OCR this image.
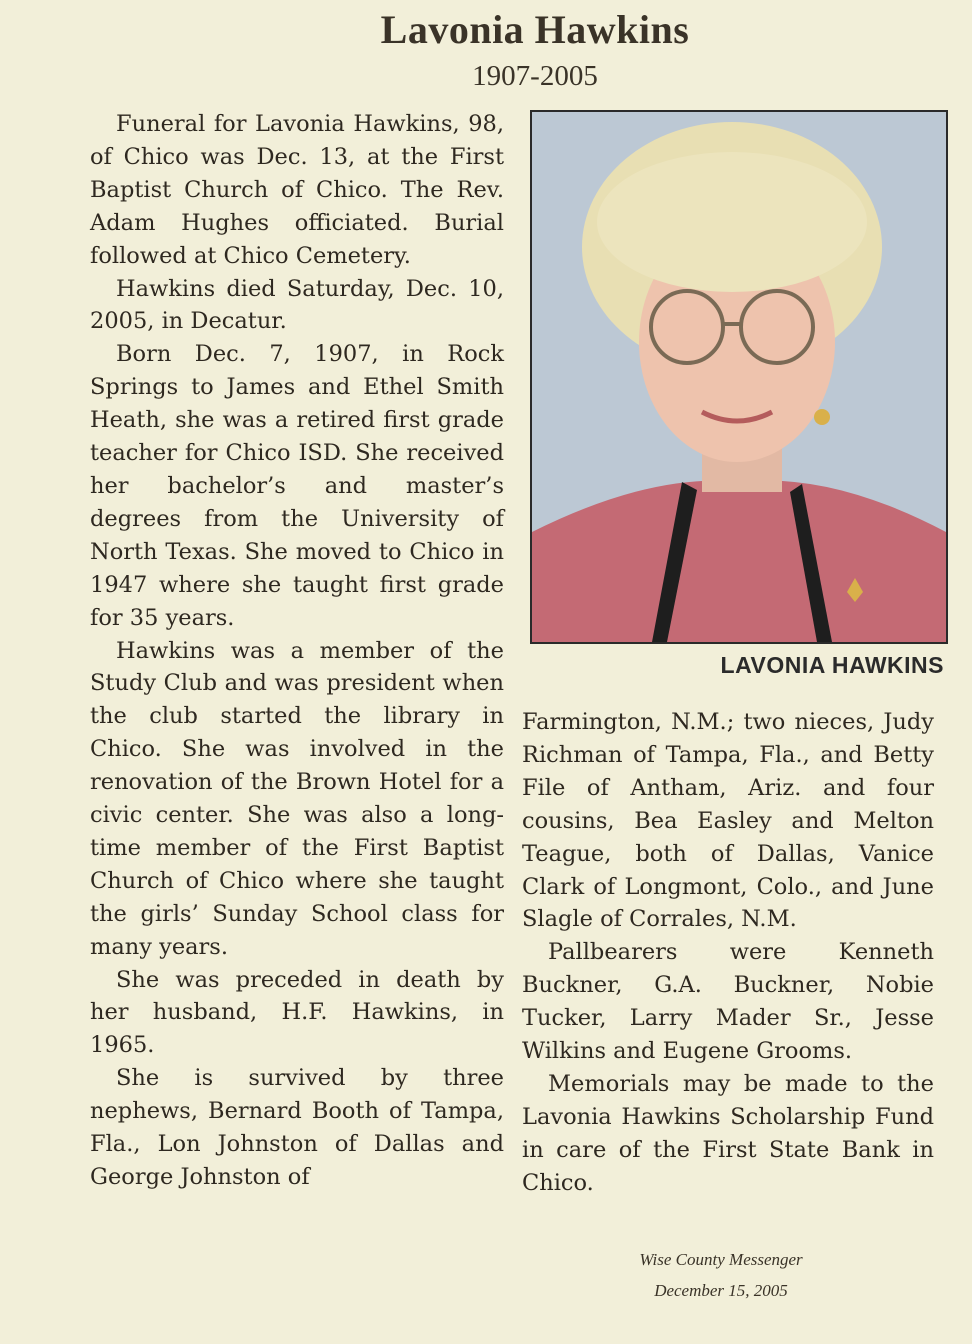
Lavonia Hawkins
1907-2005

Funeral for Lavonia Hawkins, 98, of Chico was Dec. 13, at the First Baptist Church of Chico. The Rev. Adam Hughes officiated. Burial followed at Chico Cemetery.

Hawkins died Saturday, Dec. 10, 2005, in Decatur.

Born Dec. 7, 1907, in Rock Springs to James and Ethel Smith Heath, she was a retired first grade teacher for Chico ISD. She received her bachelor’s and master’s degrees from the University of North Texas. She moved to Chico in 1947 where she taught first grade for 35 years.

Hawkins was a member of the Study Club and was president when the club started the library in Chico. She was involved in the renovation of the Brown Hotel for a civic center. She was also a long-time member of the First Baptist Church of Chico where she taught the girls’ Sunday School class for many years.

She was preceded in death by her husband, H.F. Hawkins, in 1965.

She is survived by three nephews, Bernard Booth of Tampa, Fla., Lon Johnston of Dallas and George Johnston of

LAVONIA HAWKINS

Farmington, N.M.; two nieces, Judy Richman of Tampa, Fla., and Betty File of Antham, Ariz. and four cousins, Bea Easley and Melton Teague, both of Dallas, Vanice Clark of Longmont, Colo., and June Slagle of Corrales, N.M.

Pallbearers were Kenneth Buckner, G.A. Buckner, Nobie Tucker, Larry Mader Sr., Jesse Wilkins and Eugene Grooms.

Memorials may be made to the Lavonia Hawkins Scholarship Fund in care of the First State Bank in Chico.

Wise County Messenger
December 15, 2005
